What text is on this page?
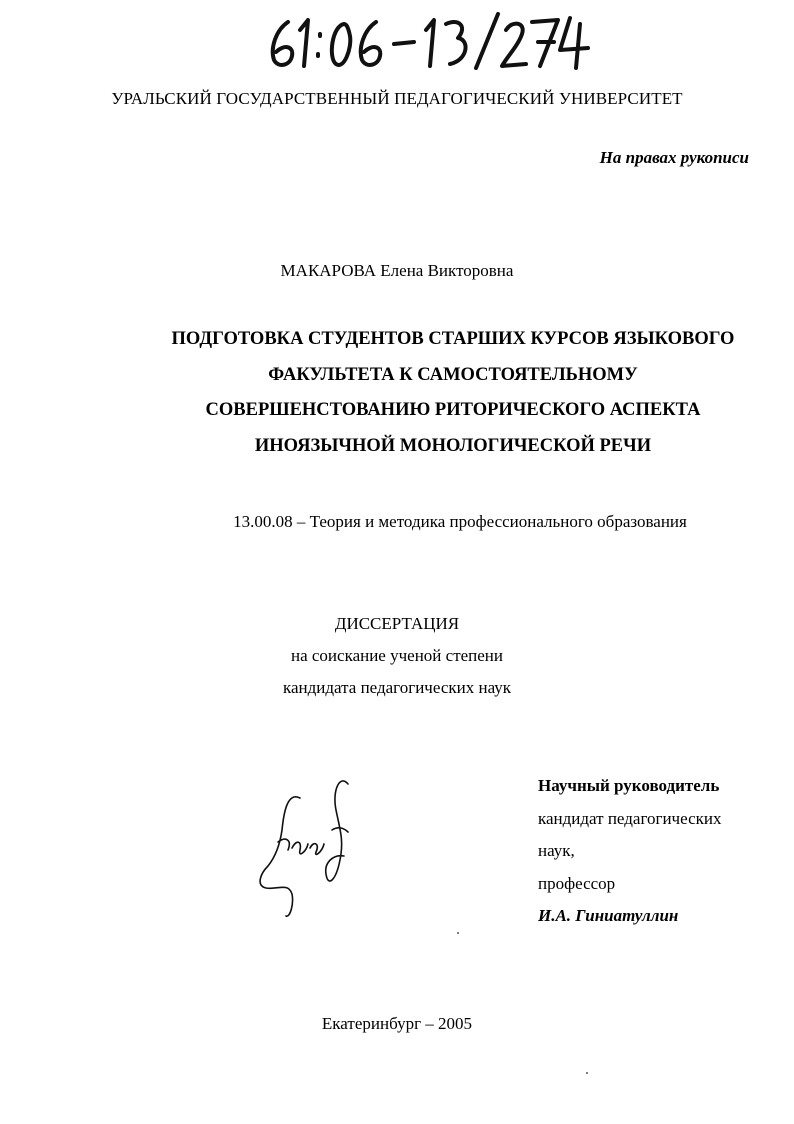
УРАЛЬСКИЙ ГОСУДАРСТВЕННЫЙ ПЕДАГОГИЧЕСКИЙ УНИВЕРСИТЕТ
На правах рукописи
МАКАРОВА Елена Викторовна
ПОДГОТОВКА СТУДЕНТОВ СТАРШИХ КУРСОВ ЯЗЫКОВОГО
ФАКУЛЬТЕТА К САМОСТОЯТЕЛЬНОМУ
СОВЕРШЕНСТОВАНИЮ РИТОРИЧЕСКОГО АСПЕКТА
ИНОЯЗЫЧНОЙ МОНОЛОГИЧЕСКОЙ РЕЧИ
13.00.08 – Теория и методика профессионального образования
ДИССЕРТАЦИЯ
на соискание ученой степени
кандидата педагогических наук
Научный руководитель
кандидат педагогических
наук,
профессор
И.А. Гиниатуллин
Екатеринбург – 2005
